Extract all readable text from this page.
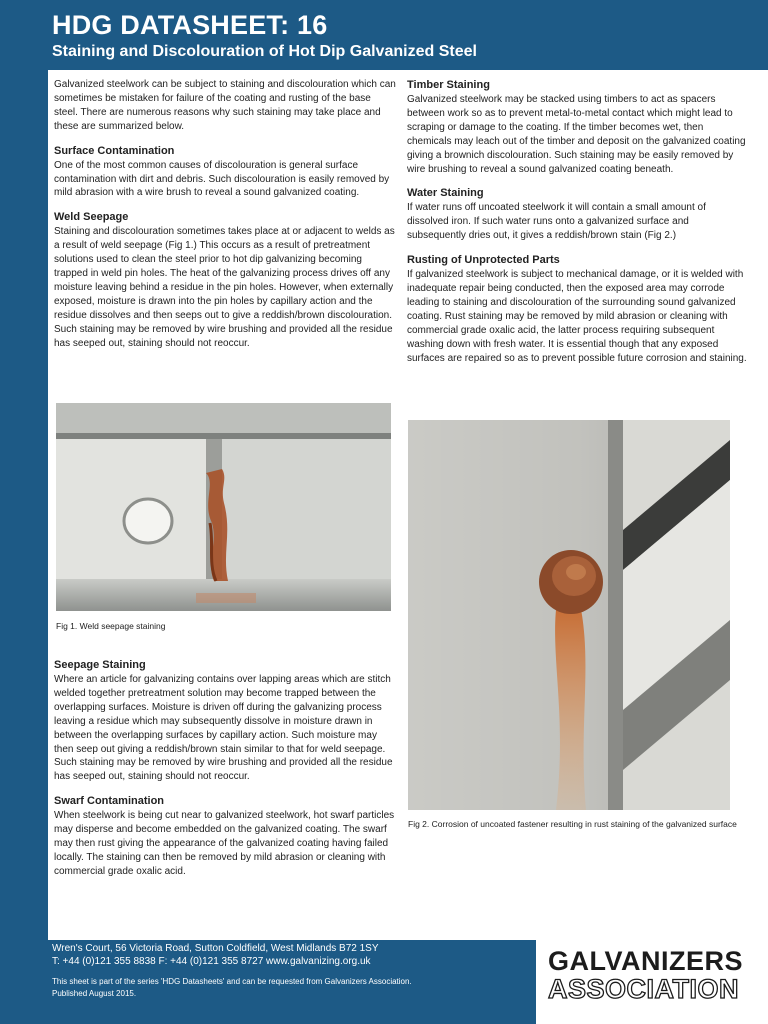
HDG DATASHEET: 16
Staining and Discolouration of Hot Dip Galvanized Steel

Galvanized steelwork can be subject to staining and discolouration which can sometimes be mistaken for failure of the coating and rusting of the base steel. There are numerous reasons why such staining may take place and these are summarized below.

Surface Contamination

One of the most common causes of discolouration is general surface contamination with dirt and debris. Such discolouration is easily removed by mild abrasion with a wire brush to reveal a sound galvanized coating.

Weld Seepage

Staining and discolouration sometimes takes place at or adjacent to welds as a result of weld seepage (Fig 1.) This occurs as a result of pretreatment solutions used to clean the steel prior to hot dip galvanizing becoming trapped in weld pin holes. The heat of the galvanizing process drives off any moisture leaving behind a residue in the pin holes. However, when externally exposed, moisture is drawn into the pin holes by capillary action and the residue dissolves and then seeps out to give a reddish/brown discolouration. Such staining may be removed by wire brushing and provided all the residue has seeped out, staining should not reoccur.

Fig 1. Weld seepage staining
Seepage Staining

Where an article for galvanizing contains over lapping areas which are stitch welded together pretreatment solution may become trapped between the overlapping surfaces. Moisture is driven off during the galvanizing process leaving a residue which may subsequently dissolve in moisture drawn in between the overlapping surfaces by capillary action. Such moisture may then seep out giving a reddish/brown stain similar to that for weld seepage. Such staining may be removed by wire brushing and provided all the residue has seeped out, staining should not reoccur.

Swarf Contamination

When steelwork is being cut near to galvanized steelwork, hot swarf particles may disperse and become embedded on the galvanized coating. The swarf may then rust giving the appearance of the galvanized coating having failed locally. The staining can then be removed by mild abrasion or cleaning with commercial grade oxalic acid.

Timber Staining

Galvanized steelwork may be stacked using timbers to act as spacers between work so as to prevent metal-to-metal contact which might lead to scraping or damage to the coating. If the timber becomes wet, then chemicals may leach out of the timber and deposit on the galvanized coating giving a brownich discolouration. Such staining may be easily removed by wire brushing to reveal a sound galvanized coating beneath.

Water Staining

If water runs off uncoated steelwork it will contain a small amount of dissolved iron. If such water runs onto a galvanized surface and subsequently dries out, it gives a reddish/brown stain (Fig 2.)

Rusting of Unprotected Parts

If galvanized steelwork is subject to mechanical damage, or it is welded with inadequate repair being conducted, then the exposed area may corrode leading to staining and discolouration of the surrounding sound galvanized coating. Rust staining may be removed by mild abrasion or cleaning with commercial grade oxalic acid, the latter process requiring subsequent washing down with fresh water. It is essential though that any exposed surfaces are repaired so as to prevent possible future corrosion and staining.

Fig 2. Corrosion of uncoated fastener resulting in rust staining of the galvanized surface
Wren's Court, 56 Victoria Road, Sutton Coldfield, West Midlands B72 1SY
T: +44 (0)121 355 8838 F: +44 (0)121 355 8727 www.galvanizing.org.uk
This sheet is part of the series 'HDG Datasheets' and can be requested from Galvanizers Association. Published August 2015.
GALVANIZERS
ASSOCIATION
